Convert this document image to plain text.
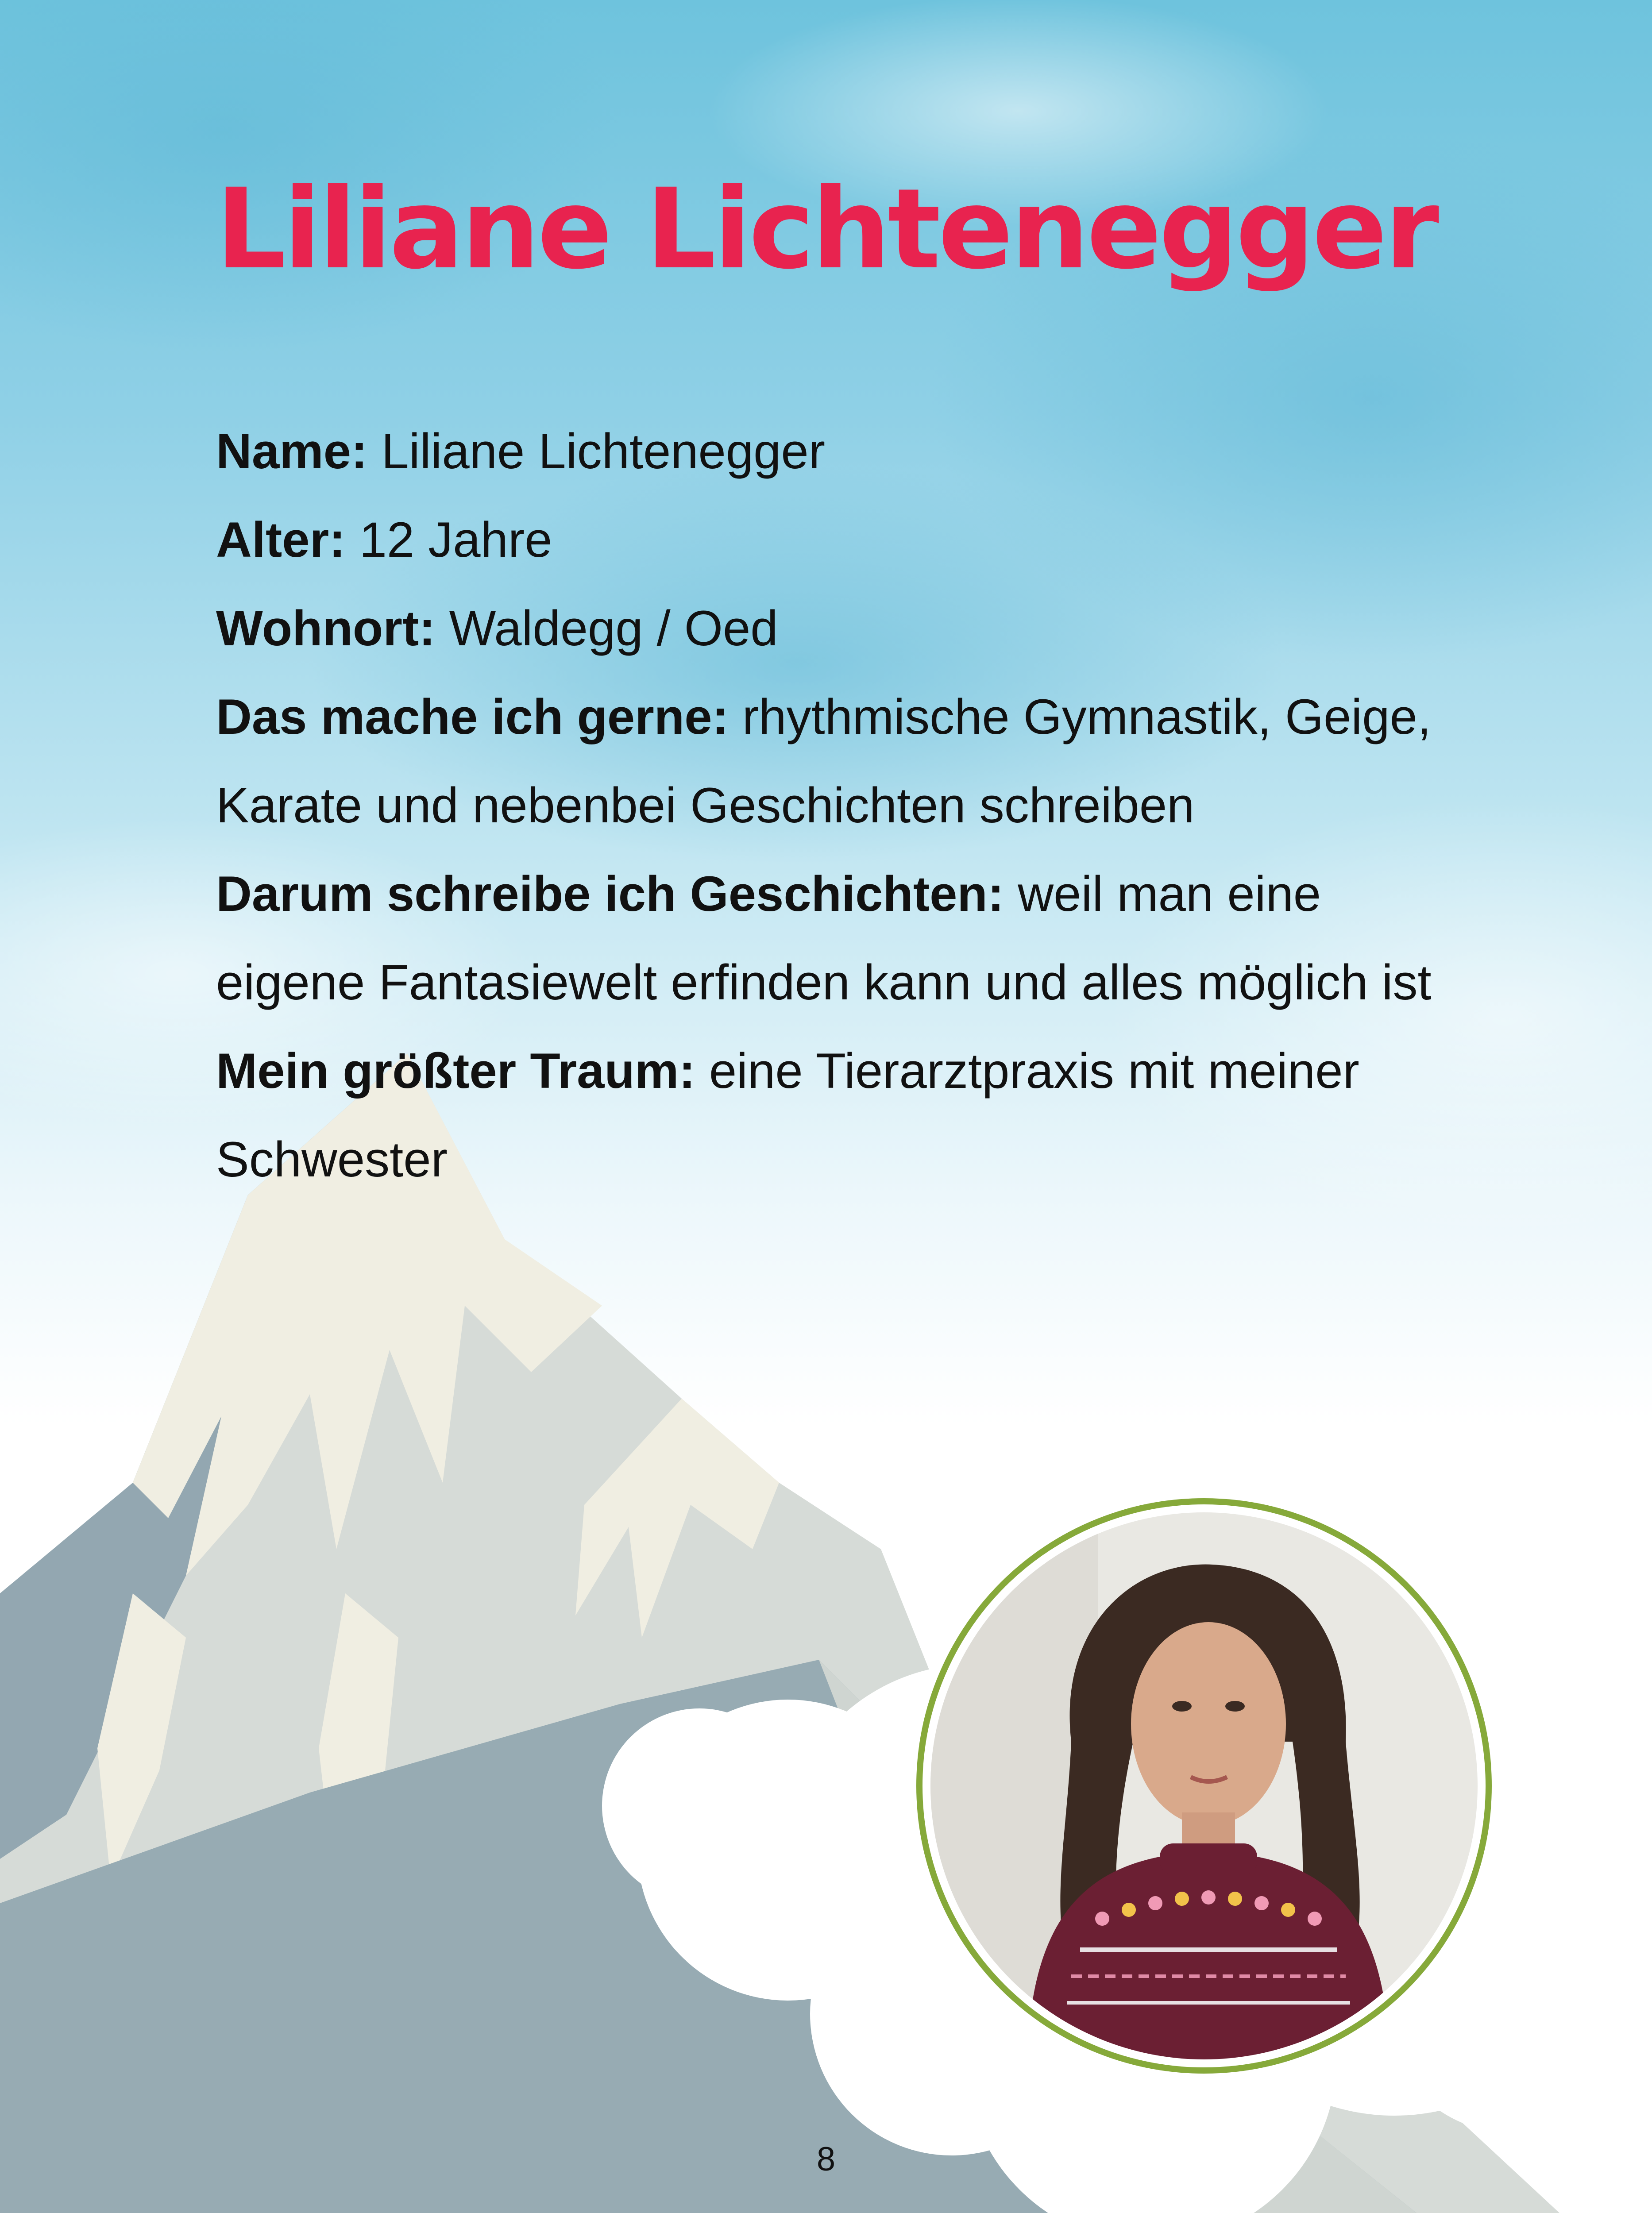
Liliane Lichtenegger

Name: Liliane Lichtenegger

Alter: 12 Jahre

Wohnort: Waldegg / Oed

Das mache ich gerne: rhythmische Gymnastik, Geige, Karate und nebenbei Geschichten schreiben

Darum schreibe ich Geschichten: weil man eine eigene Fantasiewelt erfinden kann und alles möglich ist

Mein größter Traum: eine Tierarztpraxis mit meiner Schwester

8
